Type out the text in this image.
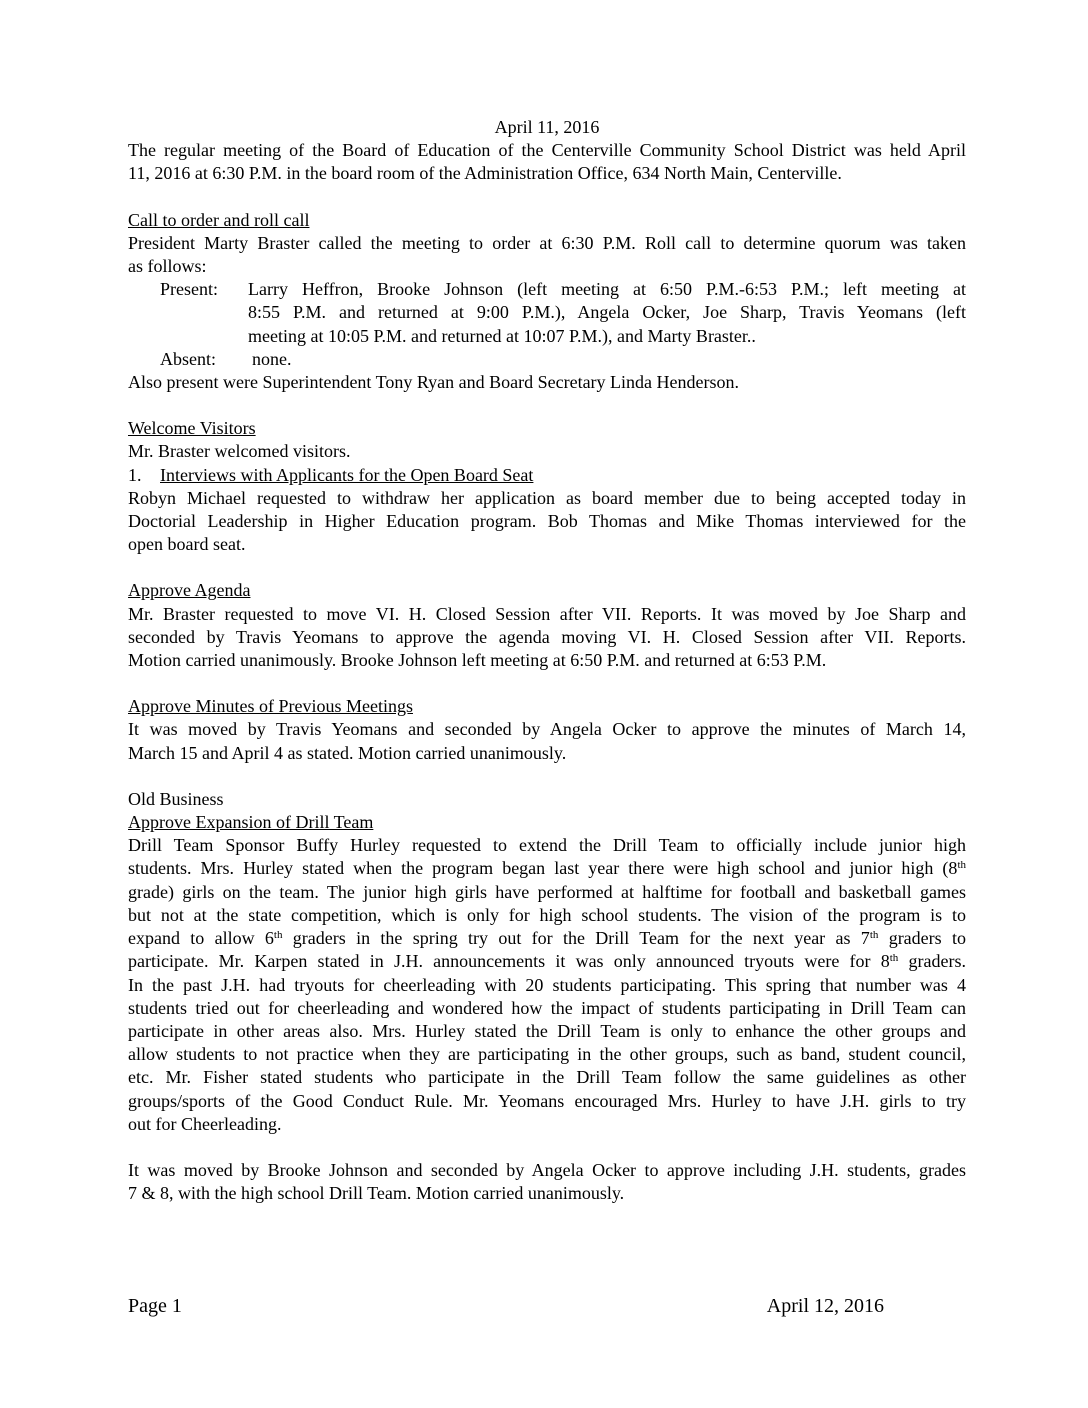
April 11, 2016
The regular meeting of the Board of Education of the Centerville Community School District was held April
11, 2016 at 6:30 P.M. in the board room of the Administration Office, 634 North Main, Centerville.
Call to order and roll call
President Marty Braster called the meeting to order at 6:30 P.M. Roll call to determine quorum was taken
as follows:
Present:	Larry Heffron, Brooke Johnson (left meeting at 6:50 P.M.-6:53 P.M.; left meeting at
8:55 P.M. and returned at 9:00 P.M.), Angela Ocker, Joe Sharp, Travis Yeomans (left
meeting at 10:05 P.M. and returned at 10:07 P.M.), and Marty Braster..
Absent:	none.
Also present were Superintendent Tony Ryan and Board Secretary Linda Henderson.
Welcome Visitors
Mr. Braster welcomed visitors.
1. Interviews with Applicants for the Open Board Seat
Robyn Michael requested to withdraw her application as board member due to being accepted today in
Doctorial Leadership in Higher Education program. Bob Thomas and Mike Thomas interviewed for the
open board seat.
Approve Agenda
Mr. Braster requested to move VI. H. Closed Session after VII. Reports. It was moved by Joe Sharp and
seconded by Travis Yeomans to approve the agenda moving VI. H. Closed Session after VII. Reports.
Motion carried unanimously. Brooke Johnson left meeting at 6:50 P.M. and returned at 6:53 P.M.
Approve Minutes of Previous Meetings
It was moved by Travis Yeomans and seconded by Angela Ocker to approve the minutes of March 14,
March 15 and April 4 as stated. Motion carried unanimously.
Old Business
Approve Expansion of Drill Team
Drill Team Sponsor Buffy Hurley requested to extend the Drill Team to officially include junior high
students. Mrs. Hurley stated when the program began last year there were high school and junior high (8th
grade) girls on the team. The junior high girls have performed at halftime for football and basketball games
but not at the state competition, which is only for high school students. The vision of the program is to
expand to allow 6th graders in the spring try out for the Drill Team for the next year as 7th graders to
participate. Mr. Karpen stated in J.H. announcements it was only announced tryouts were for 8th graders.
In the past J.H. had tryouts for cheerleading with 20 students participating. This spring that number was 4
students tried out for cheerleading and wondered how the impact of students participating in Drill Team can
participate in other areas also. Mrs. Hurley stated the Drill Team is only to enhance the other groups and
allow students to not practice when they are participating in the other groups, such as band, student council,
etc. Mr. Fisher stated students who participate in the Drill Team follow the same guidelines as other
groups/sports of the Good Conduct Rule. Mr. Yeomans encouraged Mrs. Hurley to have J.H. girls to try
out for Cheerleading.
It was moved by Brooke Johnson and seconded by Angela Ocker to approve including J.H. students, grades
7 & 8, with the high school Drill Team. Motion carried unanimously.
Page 1	April 12, 2016
